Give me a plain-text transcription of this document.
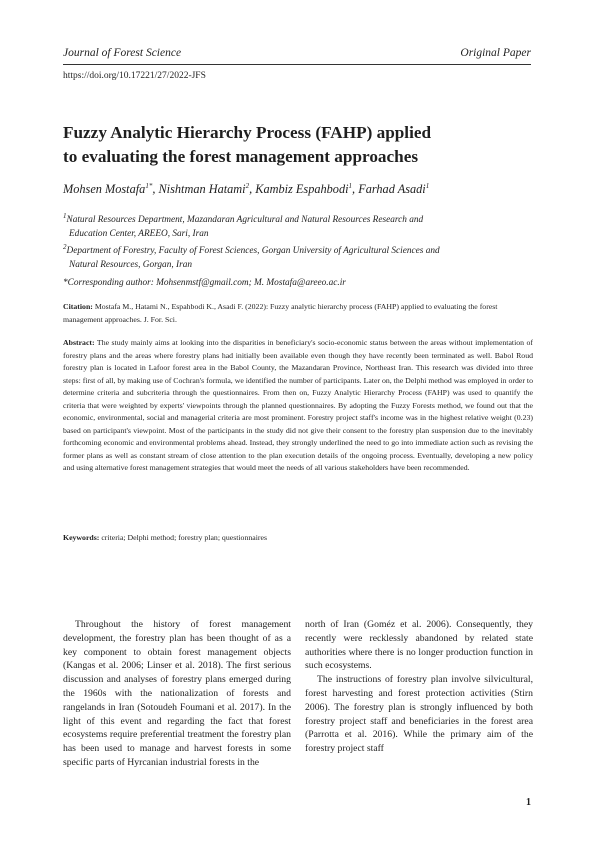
Journal of Forest Science	Original Paper
https://doi.org/10.17221/27/2022-JFS
Fuzzy Analytic Hierarchy Process (FAHP) applied
to evaluating the forest management approaches
Mohsen Mostafa$^{1*}$, Nishtman Hatami$^2$, Kambiz Espahbodi$^1$, Farhad Asadi$^1$
$^1$Natural Resources Department, Mazandaran Agricultural and Natural Resources Research and
Education Center, AREEO, Sari, Iran
$^2$Department of Forestry, Faculty of Forest Sciences, Gorgan University of Agricultural Sciences and
Natural Resources, Gorgan, Iran
*Corresponding author: Mohsenmstf@gmail.com; M. Mostafa@areeo.ac.ir
Citation: Mostafa M., Hatami N., Espahbodi K., Asadi F. (2022): Fuzzy analytic hierarchy process (FAHP) applied to evaluating the forest management approaches. J. For. Sci.
Abstract: The study mainly aims at looking into the disparities in beneficiary's socio-economic status between the areas without implementation of forestry plans and the areas where forestry plans had initially been available even though they have recently been terminated as well. Babol Roud forestry plan is located in Lafoor forest area in the Babol County, the Mazandaran Province, Northeast Iran. This research was divided into three steps: first of all, by making use of Cochran's formula, we identified the number of participants. Later on, the Delphi method was employed in order to determine criteria and subcriteria through the questionnaires. From then on, Fuzzy Analytic Hierarchy Process (FAHP) was used to quantify the criteria that were weighted by experts' viewpoints through the planned questionnaires. By adopting the Fuzzy Forests method, we found out that the economic, environmental, social and managerial criteria are most prominent. Forestry project staff's income was in the highest relative weight (0.23) based on participant's viewpoint. Most of the participants in the study did not give their consent to the forestry plan suspension due to the inevitably forthcoming economic and environmental problems ahead. Instead, they strongly underlined the need to go into immediate action such as revising the former plans as well as constant stream of close attention to the plan execution details of the ongoing process. Eventually, developing a new policy and using alternative forest management strategies that would meet the needs of all various stakeholders have been recommended.
Keywords: criteria; Delphi method; forestry plan; questionnaires

Throughout the history of forest management development, the forestry plan has been thought of as a key component to obtain forest management objects (Kangas et al. 2006; Linser et al. 2018). The first serious discussion and analyses of forestry plans emerged during the 1960s with the nationalization of forests and rangelands in Iran (Sotoudeh Foumani et al. 2017). In the light of this event and regarding the fact that forest ecosystems require preferential treatment the forestry plan has been used to manage and harvest forests in some specific parts of Hyrcanian industrial forests in the

north of Iran (Goméz et al. 2006). Consequently, they recently were recklessly abandoned by related state authorities where there is no longer production function in such ecosystems.

The instructions of forestry plan involve silvicultural, forest harvesting and forest protection activities (Stirn 2006). The forestry plan is strongly influenced by both forestry project staff and beneficiaries in the forest area (Parrotta et al. 2016). While the primary aim of the forestry project staff

1
